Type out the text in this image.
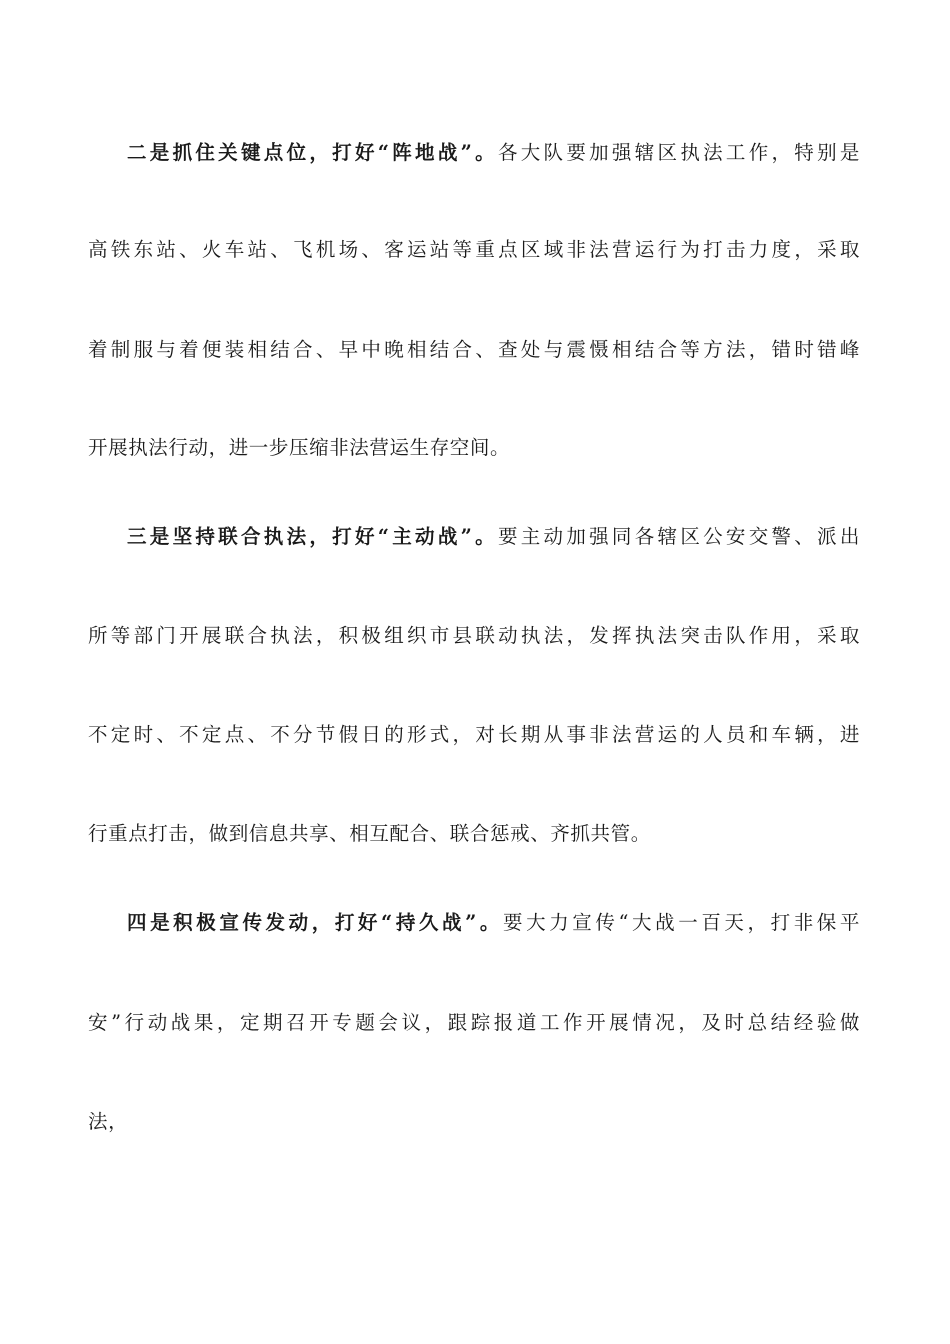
二是抓住关键点位，打好“阵地战”。各大队要加强辖区执法工作，特别是
高铁东站、火车站、飞机场、客运站等重点区域非法营运行为打击力度，采取
着制服与着便装相结合、早中晚相结合、查处与震慑相结合等方法，错时错峰
开展执法行动，进一步压缩非法营运生存空间。
三是坚持联合执法，打好“主动战”。要主动加强同各辖区公安交警、派出
所等部门开展联合执法，积极组织市县联动执法，发挥执法突击队作用，采取
不定时、不定点、不分节假日的形式，对长期从事非法营运的人员和车辆，进
行重点打击，做到信息共享、相互配合、联合惩戒、齐抓共管。
四是积极宣传发动，打好“持久战”。要大力宣传“大战一百天，打非保平
安”行动战果，定期召开专题会议，跟踪报道工作开展情况，及时总结经验做
法，
